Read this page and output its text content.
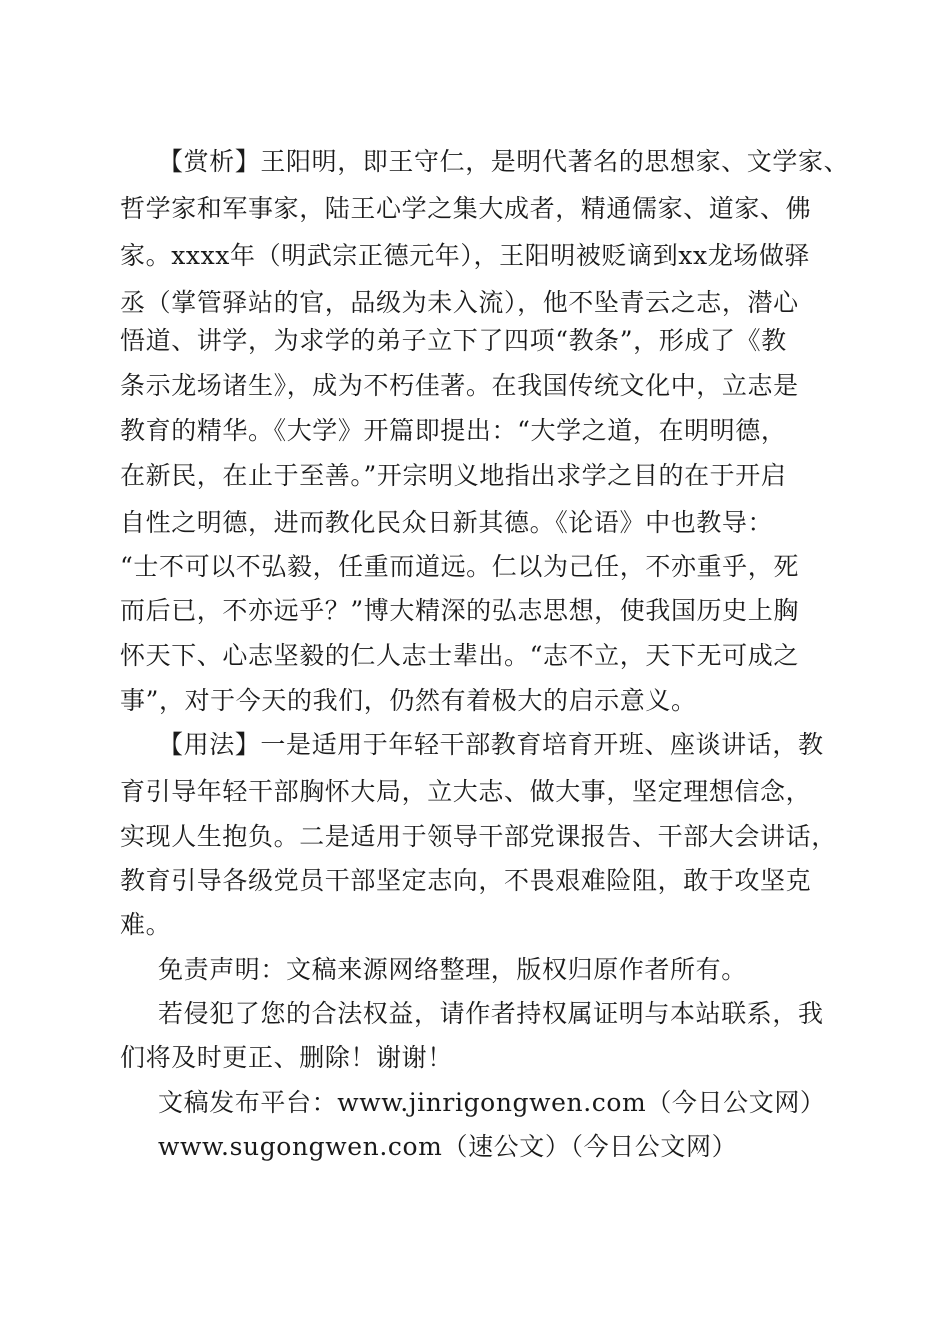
【赏析】王阳明，即王守仁，是明代著名的思想家、文学家、
哲学家和军事家，陆王心学之集大成者，精通儒家、道家、佛
家。xxxx年（明武宗正德元年），王阳明被贬谪到xx龙场做驿
丞（掌管驿站的官，品级为未入流），他不坠青云之志，潜心
悟道、讲学，为求学的弟子立下了四项“教条”，形成了《教
条示龙场诸生》，成为不朽佳著。在我国传统文化中，立志是
教育的精华。《大学》开篇即提出：“大学之道，在明明德，
在新民，在止于至善。”开宗明义地指出求学之目的在于开启
自性之明德，进而教化民众日新其德。《论语》中也教导：
“士不可以不弘毅，任重而道远。仁以为己任，不亦重乎，死
而后已，不亦远乎？”博大精深的弘志思想，使我国历史上胸
怀天下、心志坚毅的仁人志士辈出。“志不立，天下无可成之
事”，对于今天的我们，仍然有着极大的启示意义。
【用法】一是适用于年轻干部教育培育开班、座谈讲话，教
育引导年轻干部胸怀大局，立大志、做大事，坚定理想信念，
实现人生抱负。二是适用于领导干部党课报告、干部大会讲话，
教育引导各级党员干部坚定志向，不畏艰难险阻，敢于攻坚克
难。
免责声明：文稿来源网络整理，版权归原作者所有。
若侵犯了您的合法权益，请作者持权属证明与本站联系，我
们将及时更正、删除！谢谢！
文稿发布平台：www.jinrigongwen.com（今日公文网）
www.sugongwen.com（速公文）（今日公文网）
